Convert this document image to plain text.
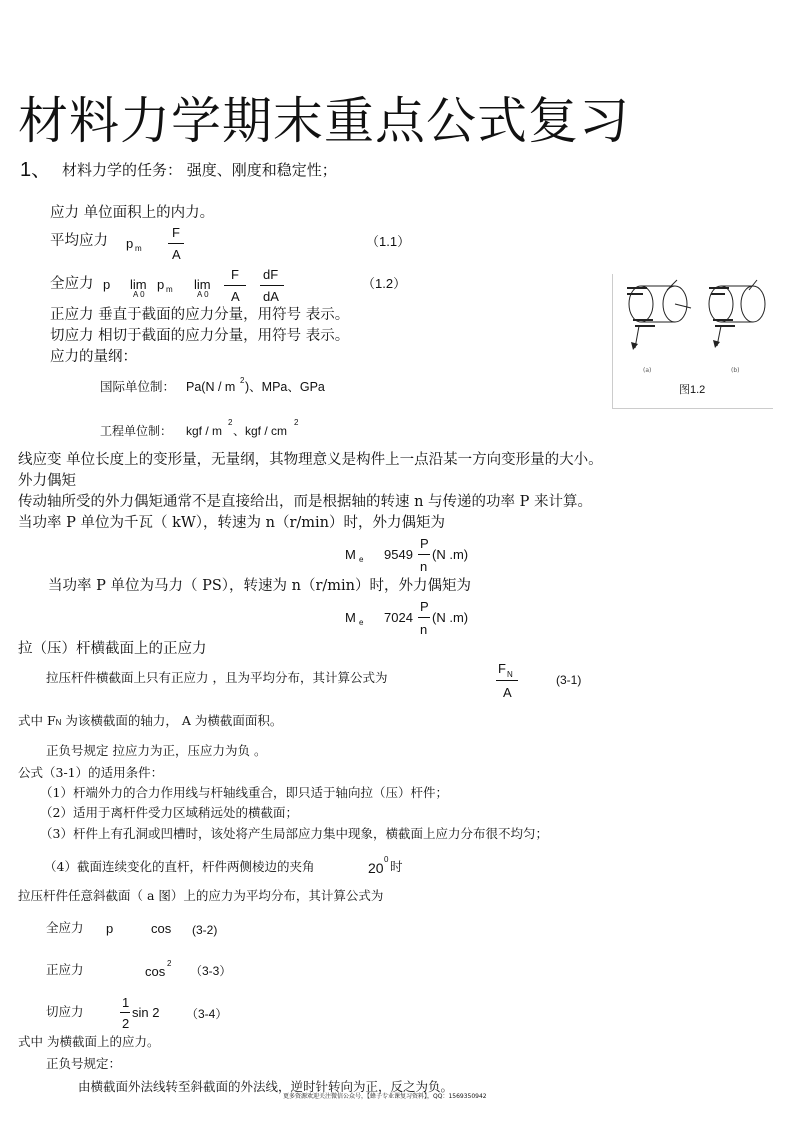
材料力学期末重点公式复习
1、 材料力学的任务： 强度、刚度和稳定性；
应力 单位面积上的内力。
平均应力 p m
F
A
（1.1）
全应力 p lim
A 0
p m lim
A 0
F
A
dF
dA
（1.2）
正应力 垂直于截面的应力分量，用符号 表示。
切应力 相切于截面的应力分量，用符号 表示。
应力的量纲：
国际单位制： Pa(N / m 2 )、MPa、GPa
工程单位制： kgf / m
2
、kgf / cm
2
(a)	(b)
图1.2
线应变 单位长度上的变形量，无量纲，其物理意义是构件上一点沿某一方向变形量的大小。
外力偶矩
传动轴所受的外力偶矩通常不是直接给出，而是根据轴的转速 n 与传递的功率 P 来计算。
当功率 P 单位为千瓦（ kW），转速为 n（r/min）时，外力偶矩为
M e 9549
P
n
(N .m)
当功率 P 单位为马力（ PS），转速为 n（r/min）时，外力偶矩为
M e 7024
P
n
(N .m)
拉（压）杆横截面上的正应力
拉压杆件横截面上只有正应力 ，且为平均分布，其计算公式为
F N
A
(3-1)
式中 FN 为该横截面的轴力， A 为横截面面积。
正负号规定 拉应力为正，压应力为负 。
公式（3-1）的适用条件：
（1）杆端外力的合力作用线与杆轴线重合，即只适于轴向拉（压）杆件；
（2）适用于离杆件受力区域稍远处的横截面；
（3）杆件上有孔洞或凹槽时，该处将产生局部应力集中现象，横截面上应力分布很不均匀；
（4）截面连续变化的直杆，杆件两侧棱边的夹角	20
0 时
拉压杆件任意斜截面（ a 图）上的应力为平均分布，其计算公式为
全应力 p	cos (3-2)
正应力	cos
2
（3-3）
切应力
1
2
sin 2 （3-4）
式中 为横截面上的应力。
正负号规定：
由横截面外法线转至斜截面的外法线，逆时针转向为正，反之为负。
更多资源欢迎关注微信公众号，【蜂子专业课复习资料】，QQ：1569350942
